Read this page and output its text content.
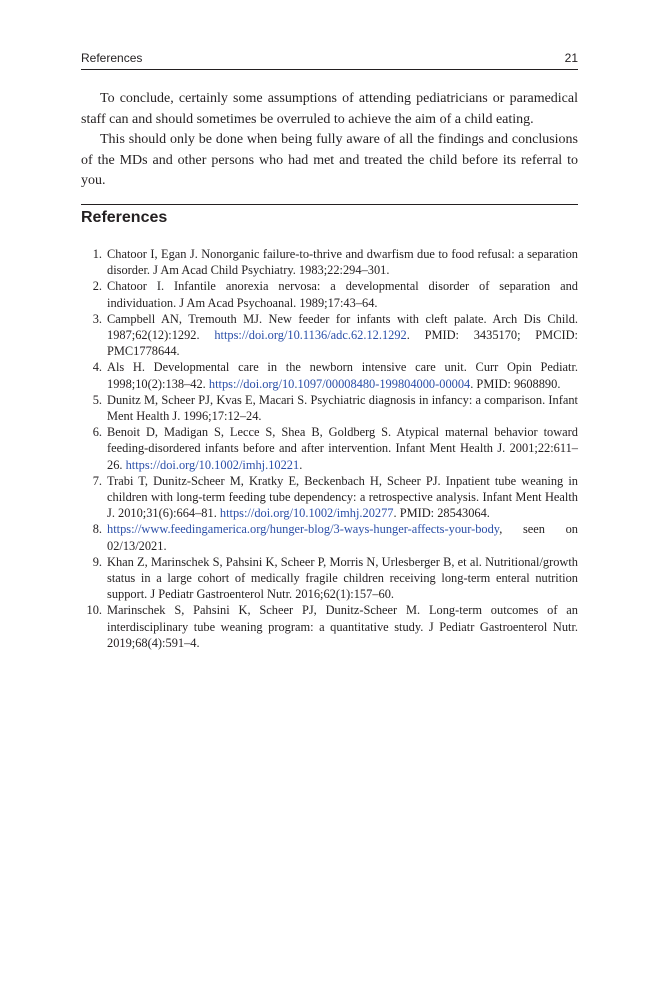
References	21

To conclude, certainly some assumptions of attending pediatricians or paramedical staff can and should sometimes be overruled to achieve the aim of a child eating.

This should only be done when being fully aware of all the findings and conclusions of the MDs and other persons who had met and treated the child before its referral to you.

References
1. Chatoor I, Egan J. Nonorganic failure-to-thrive and dwarfism due to food refusal: a separation disorder. J Am Acad Child Psychiatry. 1983;22:294–301.
2. Chatoor I. Infantile anorexia nervosa: a developmental disorder of separation and individuation. J Am Acad Psychoanal. 1989;17:43–64.
3. Campbell AN, Tremouth MJ. New feeder for infants with cleft palate. Arch Dis Child. 1987;62(12):1292. https://doi.org/10.1136/adc.62.12.1292. PMID: 3435170; PMCID: PMC1778644.
4. Als H. Developmental care in the newborn intensive care unit. Curr Opin Pediatr. 1998;10(2):138–42. https://doi.org/10.1097/00008480-199804000-00004. PMID: 9608890.
5. Dunitz M, Scheer PJ, Kvas E, Macari S. Psychiatric diagnosis in infancy: a comparison. Infant Ment Health J. 1996;17:12–24.
6. Benoit D, Madigan S, Lecce S, Shea B, Goldberg S. Atypical maternal behavior toward feeding-disordered infants before and after intervention. Infant Ment Health J. 2001;22:611–26. https://doi.org/10.1002/imhj.10221.
7. Trabi T, Dunitz-Scheer M, Kratky E, Beckenbach H, Scheer PJ. Inpatient tube weaning in children with long-term feeding tube dependency: a retrospective analysis. Infant Ment Health J. 2010;31(6):664–81. https://doi.org/10.1002/imhj.20277. PMID: 28543064.
8. https://www.feedingamerica.org/hunger-blog/3-ways-hunger-affects-your-body, seen on 02/13/2021.
9. Khan Z, Marinschek S, Pahsini K, Scheer P, Morris N, Urlesberger B, et al. Nutritional/growth status in a large cohort of medically fragile children receiving long-term enteral nutrition support. J Pediatr Gastroenterol Nutr. 2016;62(1):157–60.
10. Marinschek S, Pahsini K, Scheer PJ, Dunitz-Scheer M. Long-term outcomes of an interdisciplinary tube weaning program: a quantitative study. J Pediatr Gastroenterol Nutr. 2019;68(4):591–4.
